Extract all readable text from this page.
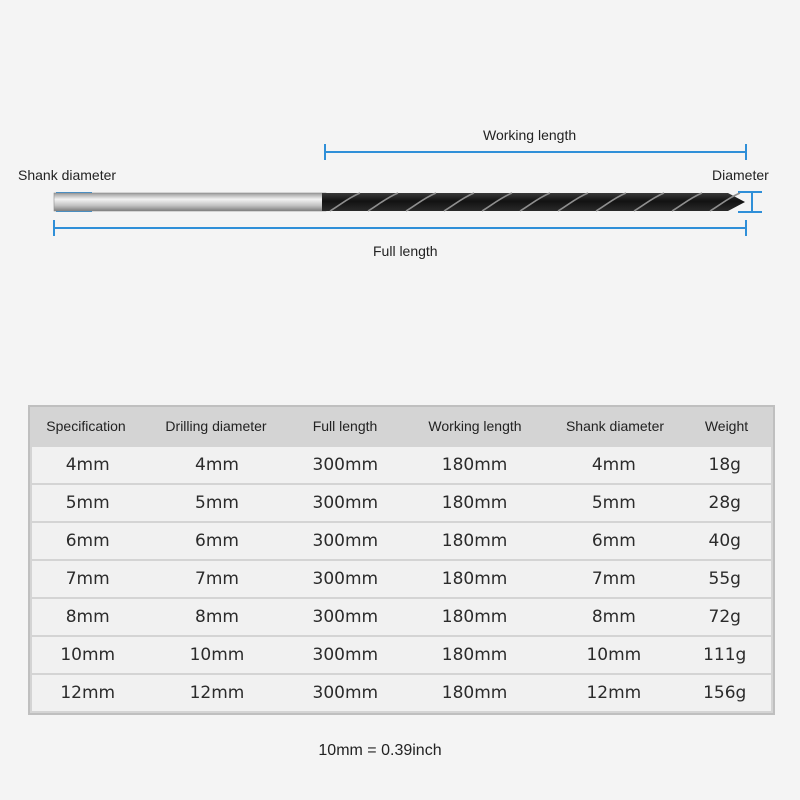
Working length
Shank diameter	Diameter
Full length
Specification	Drilling diameter	Full length	Working length	Shank diameter	Weight
4mm	4mm	300mm	180mm	4mm	18g
5mm	5mm	300mm	180mm	5mm	28g
6mm	6mm	300mm	180mm	6mm	40g
7mm	7mm	300mm	180mm	7mm	55g
8mm	8mm	300mm	180mm	8mm	72g
10mm	10mm	300mm	180mm	10mm	111g
12mm	12mm	300mm	180mm	12mm	156g
10mm = 0.39inch
